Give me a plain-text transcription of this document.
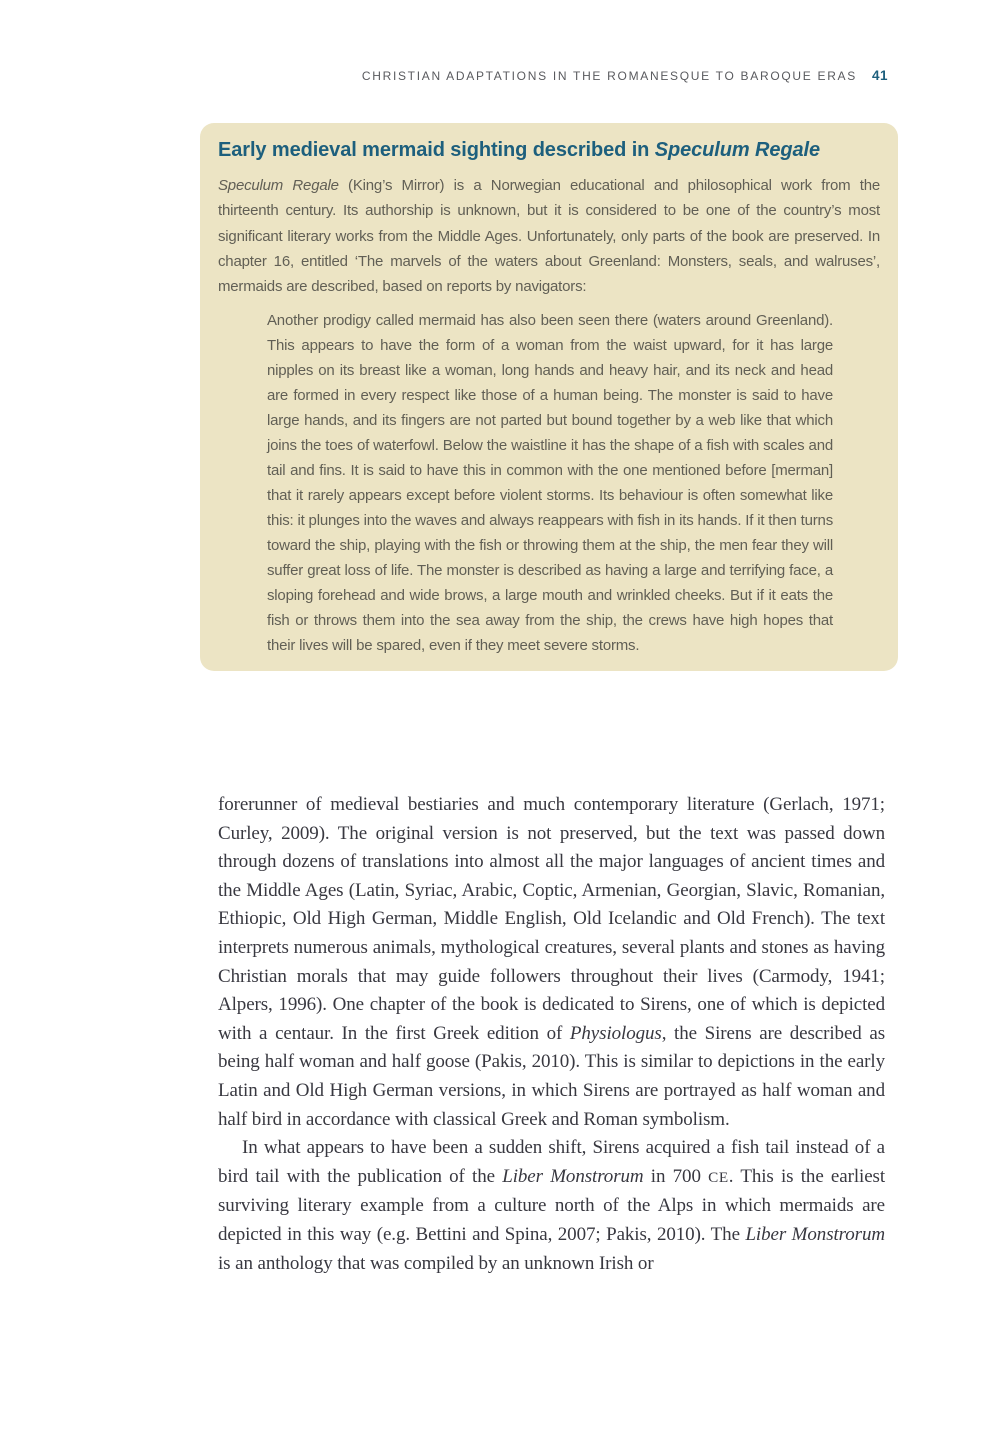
CHRISTIAN ADAPTATIONS IN THE ROMANESQUE TO BAROQUE ERAS 41
Early medieval mermaid sighting described in Speculum Regale

Speculum Regale (King’s Mirror) is a Norwegian educational and philosophical work from the thirteenth century. Its authorship is unknown, but it is considered to be one of the country’s most significant literary works from the Middle Ages. Unfortunately, only parts of the book are preserved. In chapter 16, entitled ‘The marvels of the waters about Greenland: Monsters, seals, and walruses’, mermaids are described, based on reports by navigators:

Another prodigy called mermaid has also been seen there (waters around Greenland). This appears to have the form of a woman from the waist upward, for it has large nipples on its breast like a woman, long hands and heavy hair, and its neck and head are formed in every respect like those of a human being. The monster is said to have large hands, and its fingers are not parted but bound together by a web like that which joins the toes of waterfowl. Below the waistline it has the shape of a fish with scales and tail and fins. It is said to have this in common with the one mentioned before [merman] that it rarely appears except before violent storms. Its behaviour is often somewhat like this: it plunges into the waves and always reappears with fish in its hands. If it then turns toward the ship, playing with the fish or throwing them at the ship, the men fear they will suffer great loss of life. The monster is described as having a large and terrifying face, a sloping forehead and wide brows, a large mouth and wrinkled cheeks. But if it eats the fish or throws them into the sea away from the ship, the crews have high hopes that their lives will be spared, even if they meet severe storms.

forerunner of medieval bestiaries and much contemporary literature (Gerlach, 1971; Curley, 2009). The original version is not preserved, but the text was passed down through dozens of translations into almost all the major languages of ancient times and the Middle Ages (Latin, Syriac, Arabic, Coptic, Armenian, Georgian, Slavic, Romanian, Ethiopic, Old High German, Middle English, Old Icelandic and Old French). The text interprets numerous animals, mythological creatures, several plants and stones as having Christian morals that may guide followers throughout their lives (Carmody, 1941; Alpers, 1996). One chapter of the book is dedicated to Sirens, one of which is depicted with a centaur. In the first Greek edition of Physiologus, the Sirens are described as being half woman and half goose (Pakis, 2010). This is similar to depictions in the early Latin and Old High German versions, in which Sirens are portrayed as half woman and half bird in accordance with classical Greek and Roman symbolism.

In what appears to have been a sudden shift, Sirens acquired a fish tail instead of a bird tail with the publication of the Liber Monstrorum in 700 CE. This is the earliest surviving literary example from a culture north of the Alps in which mermaids are depicted in this way (e.g. Bettini and Spina, 2007; Pakis, 2010). The Liber Monstrorum is an anthology that was compiled by an unknown Irish or
